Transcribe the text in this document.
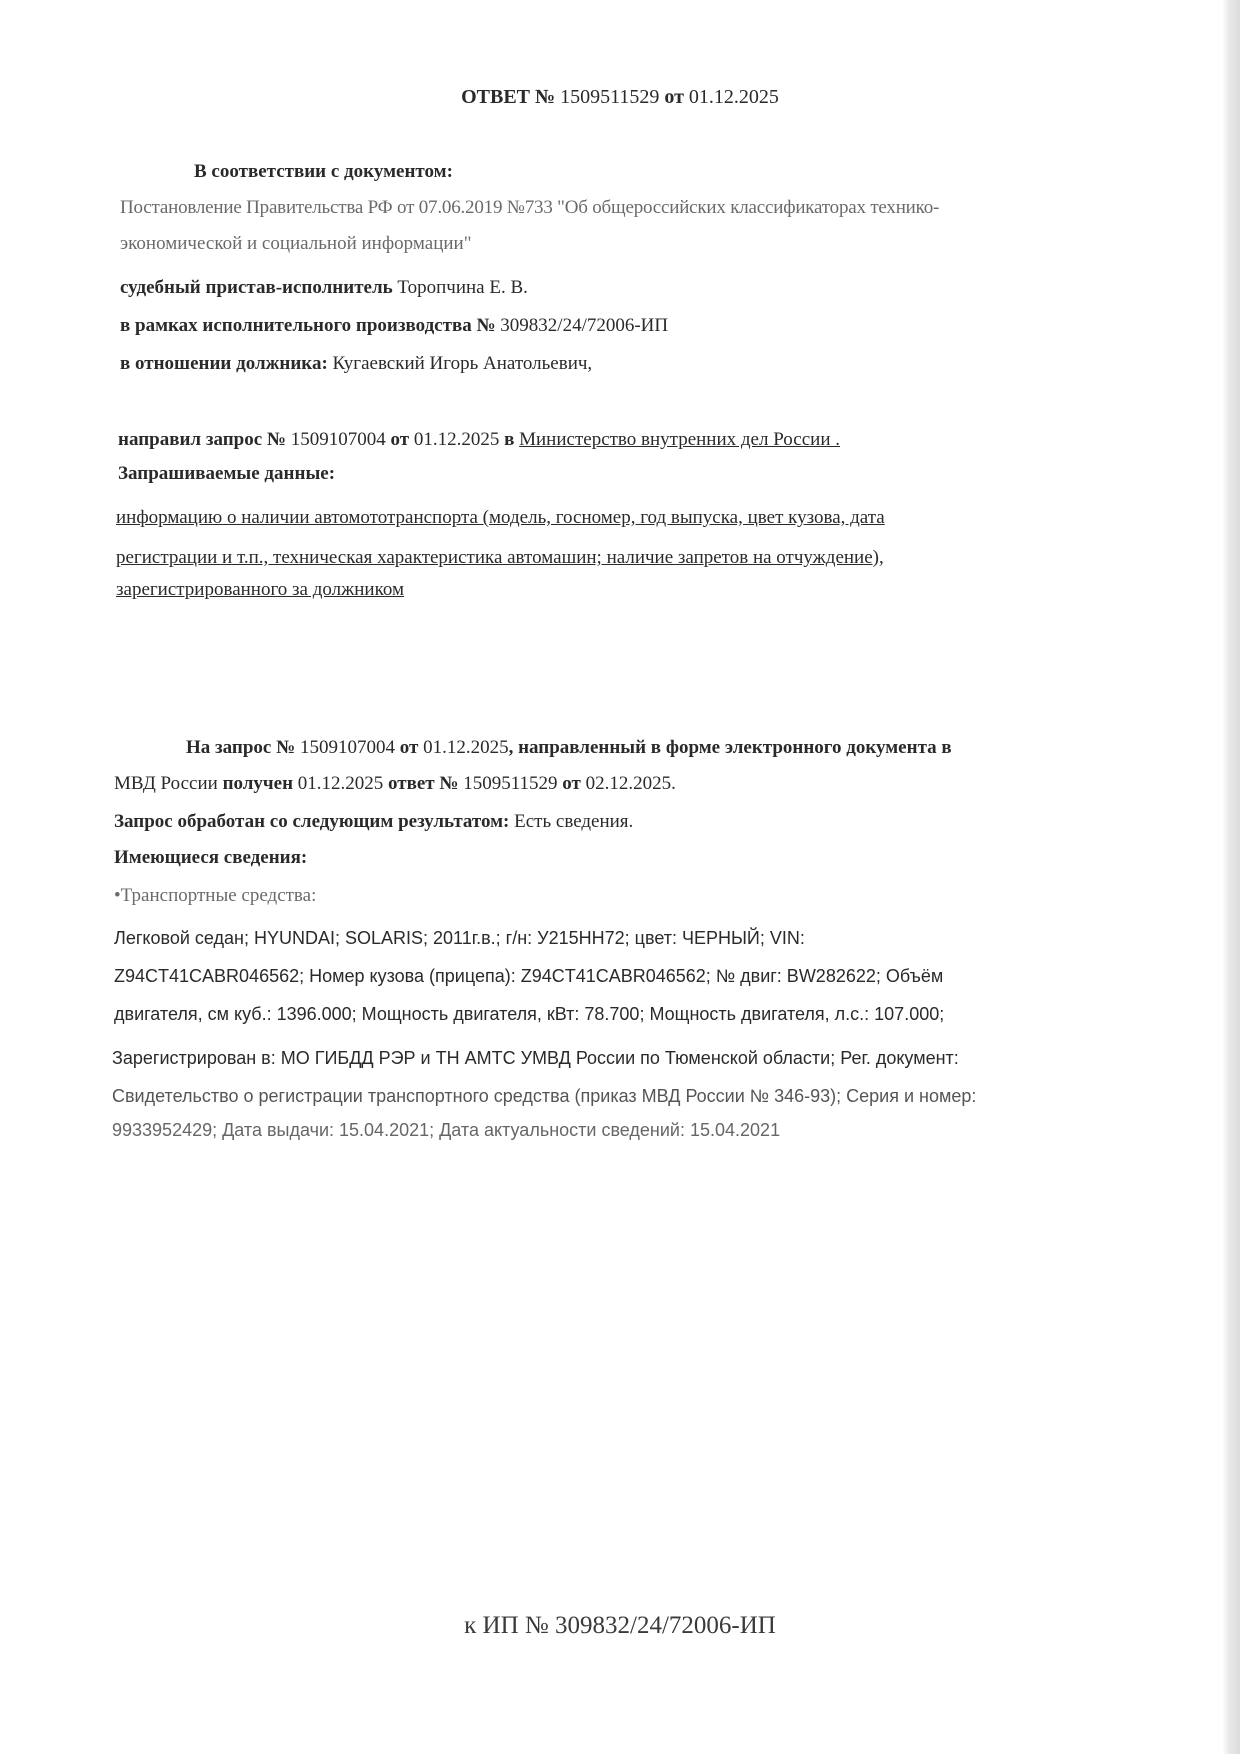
ОТВЕТ № 1509511529 от 01.12.2025
В соответствии с документом:
Постановление Правительства РФ от 07.06.2019 №733 "Об общероссийских классификаторах технико-
экономической и социальной информации"
судебный пристав-исполнитель Торопчина Е. В.
в рамках исполнительного производства № 309832/24/72006-ИП
в отношении должника: Кугаевский Игорь Анатольевич,
направил запрос № 1509107004 от 01.12.2025 в Министерство внутренних дел России .
Запрашиваемые данные:
информацию о наличии автомототранспорта (модель, госномер, год выпуска, цвет кузова, дата
регистрации и т.п., техническая характеристика автомашин; наличие запретов на отчуждение),
зарегистрированного за должником
На запрос № 1509107004 от 01.12.2025, направленный в форме электронного документа в
МВД России получен 01.12.2025 ответ № 1509511529 от 02.12.2025.
Запрос обработан со следующим результатом: Есть сведения.
Имеющиеся сведения:
•Транспортные средства:
Легковой седан; HYUNDAI; SOLARIS; 2011г.в.; г/н: У215НН72; цвет: ЧЕРНЫЙ; VIN:
Z94CT41CABR046562; Номер кузова (прицепа): Z94CT41CABR046562; № двиг: BW282622; Объём
двигателя, см куб.: 1396.000; Мощность двигателя, кВт: 78.700; Мощность двигателя, л.с.: 107.000;
Зарегистрирован в: МО ГИБДД РЭР и ТН АМТС УМВД России по Тюменской области; Рег. документ:
Свидетельство о регистрации транспортного средства (приказ МВД России № 346-93); Серия и номер:
9933952429; Дата выдачи: 15.04.2021; Дата актуальности сведений: 15.04.2021
к ИП № 309832/24/72006-ИП
